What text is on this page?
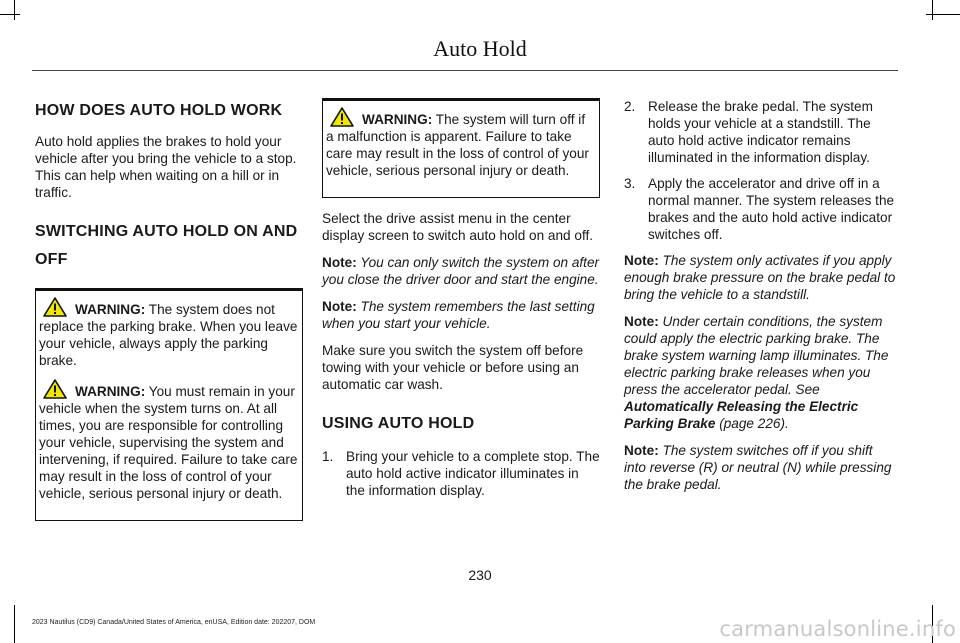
Auto Hold
HOW DOES AUTO HOLD WORK

Auto hold applies the brakes to hold your vehicle after you bring the vehicle to a stop. This can help when waiting on a hill or in traffic.

SWITCHING AUTO HOLD ON AND
OFF

WARNING: The system does not replace the parking brake. When you leave your vehicle, always apply the parking brake.

WARNING: You must remain in your vehicle when the system turns on. At all times, you are responsible for controlling your vehicle, supervising the system and intervening, if required. Failure to take care may result in the loss of control of your vehicle, serious personal injury or death.

WARNING: The system will turn off if a malfunction is apparent. Failure to take care may result in the loss of control of your vehicle, serious personal injury or death.

Select the drive assist menu in the center display screen to switch auto hold on and off.

Note: You can only switch the system on after you close the driver door and start the engine.

Note: The system remembers the last setting when you start your vehicle.

Make sure you switch the system off before towing with your vehicle or before using an automatic car wash.

USING AUTO HOLD
1. Bring your vehicle to a complete stop. The auto hold active indicator illuminates in the information display.
2. Release the brake pedal. The system holds your vehicle at a standstill. The auto hold active indicator remains illuminated in the information display.
3. Apply the accelerator and drive off in a normal manner. The system releases the brakes and the auto hold active indicator switches off.

Note: The system only activates if you apply enough brake pressure on the brake pedal to bring the vehicle to a standstill.

Note: Under certain conditions, the system could apply the electric parking brake. The brake system warning lamp illuminates. The electric parking brake releases when you press the accelerator pedal. See Automatically Releasing the Electric Parking Brake (page 226).

Note: The system switches off if you shift into reverse (R) or neutral (N) while pressing the brake pedal.

230
2023 Nautilus (CD9) Canada/United States of America, enUSA, Edition date: 202207, DOM	carmanualsonline.info
